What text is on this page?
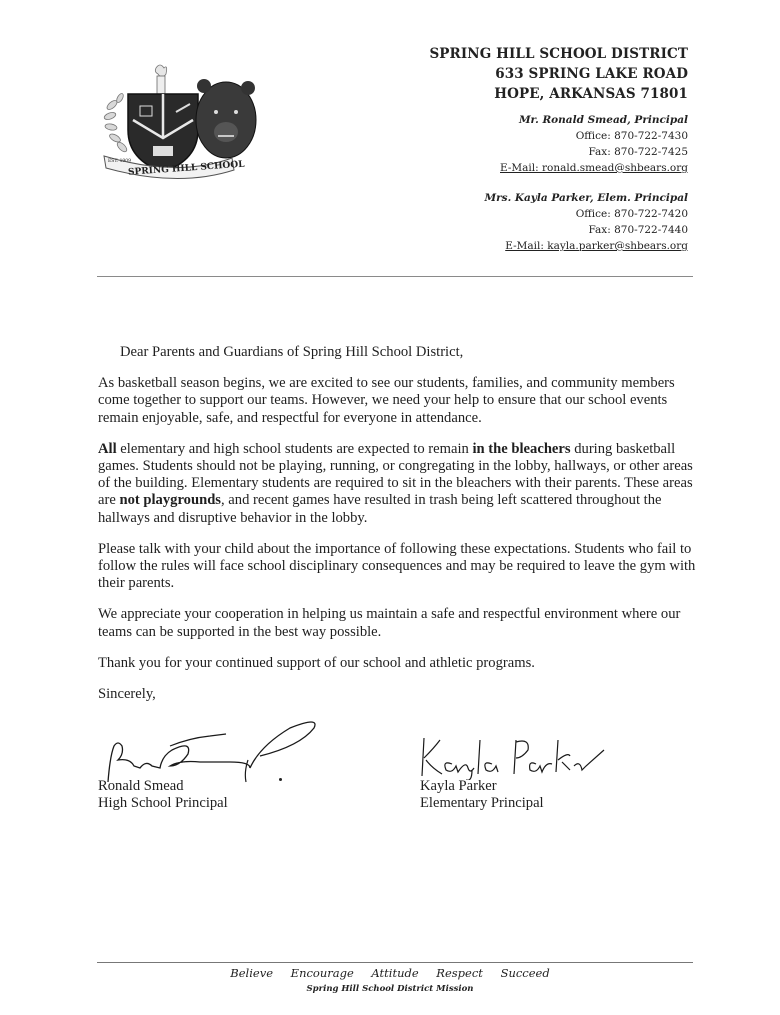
SPRING HILL SCHOOL
EST. 1909
SPRING HILL SCHOOL DISTRICT
633 SPRING LAKE ROAD
HOPE, ARKANSAS 71801
Mr. Ronald Smead, Principal
Office: 870-722-7430
Fax: 870-722-7425
E-Mail: ronald.smead@shbears.org
Mrs. Kayla Parker, Elem. Principal
Office: 870-722-7420
Fax: 870-722-7440
E-Mail: kayla.parker@shbears.org

Dear Parents and Guardians of Spring Hill School District,

As basketball season begins, we are excited to see our students, families, and community members come together to support our teams. However, we need your help to ensure that our school events remain enjoyable, safe, and respectful for everyone in attendance.

All elementary and high school students are expected to remain in the bleachers during basketball games. Students should not be playing, running, or congregating in the lobby, hallways, or other areas of the building. Elementary students are required to sit in the bleachers with their parents. These areas are not playgrounds, and recent games have resulted in trash being left scattered throughout the hallways and disruptive behavior in the lobby.

Please talk with your child about the importance of following these expectations. Students who fail to follow the rules will face school disciplinary consequences and may be required to leave the gym with their parents.

We appreciate your cooperation in helping us maintain a safe and respectful environment where our teams can be supported in the best way possible.

Thank you for your continued support of our school and athletic programs.

Sincerely,

Ronald Smead
High School Principal
Kayla Parker
Elementary Principal
Believe Encourage Attitude Respect Succeed
Spring Hill School District Mission
